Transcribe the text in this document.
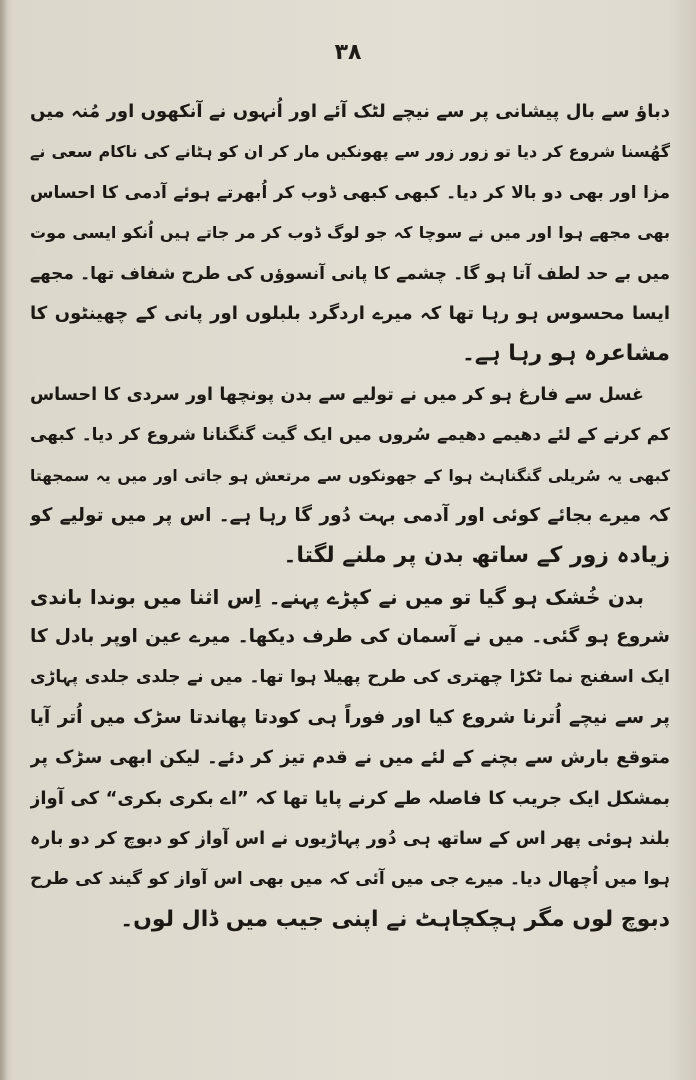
۳۸
دباؤ سے بال پیشانی پر سے نیچے لٹک آئے اور اُنہوں نے آنکھوں اور مُنہ میں
گھُسنا شروع کر دیا تو زور زور سے پھونکیں مار کر ان کو ہٹانے کی ناکام سعی نے
مزا اور بھی دو بالا کر دیا۔ کبھی کبھی ڈوب کر اُبھرتے ہوئے آدمی کا احساس
بھی مجھے ہوا اور میں نے سوچا کہ جو لوگ ڈوب کر مر جاتے ہیں اُنکو ایسی موت
میں بے حد لطف آتا ہو گا۔ چشمے کا پانی آنسوؤں کی طرح شفاف تھا۔ مجھے
ایسا محسوس ہو رہا تھا کہ میرے اردگرد بلبلوں اور پانی کے چھینٹوں کا
مشاعرہ ہو رہا ہے۔
غسل سے فارغ ہو کر میں نے تولیے سے بدن پونچھا اور سردی کا احساس
کم کرنے کے لئے دھیمے دھیمے سُروں میں ایک گیت گنگنانا شروع کر دیا۔ کبھی
کبھی یہ سُریلی گنگناہٹ ہوا کے جھونکوں سے مرتعش ہو جاتی اور میں یہ سمجھتا
کہ میرے بجائے کوئی اور آدمی بہت دُور گا رہا ہے۔ اس پر میں تولیے کو
زیادہ زور کے ساتھ بدن پر ملنے لگتا۔
بدن خُشک ہو گیا تو میں نے کپڑے پہنے۔ اِس اثنا میں بوندا باندی
شروع ہو گئی۔ میں نے آسمان کی طرف دیکھا۔ میرے عین اوپر بادل کا
ایک اسفنج نما ٹکڑا چھتری کی طرح پھیلا ہوا تھا۔ میں نے جلدی جلدی پہاڑی
پر سے نیچے اُترنا شروع کیا اور فوراً ہی کودتا پھاندتا سڑک میں اُتر آیا
متوقع بارش سے بچنے کے لئے میں نے قدم تیز کر دئے۔ لیکن ابھی سڑک پر
بمشکل ایک جریب کا فاصلہ طے کرنے پایا تھا کہ ”اے بکری بکری“ کی آواز
بلند ہوئی پھر اس کے ساتھ ہی دُور پہاڑیوں نے اس آواز کو دبوچ کر دو بارہ
ہوا میں اُچھال دیا۔ میرے جی میں آئی کہ میں بھی اس آواز کو گیند کی طرح
دبوچ لوں مگر ہچکچاہٹ نے اپنی جیب میں ڈال لوں۔
